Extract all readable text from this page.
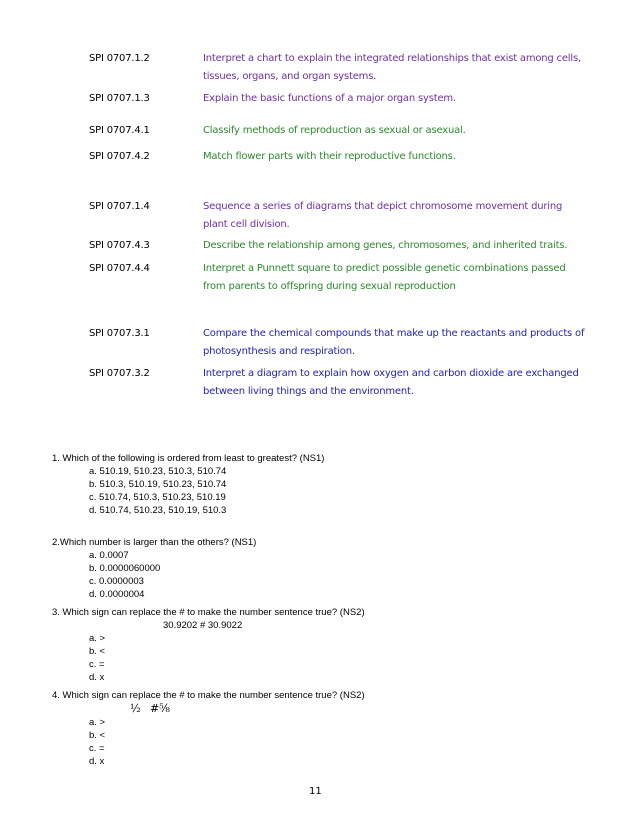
SPI 0707.1.2	Interpret a chart to explain the integrated relationships that exist among cells, tissues, organs, and organ systems.
SPI 0707.1.3	Explain the basic functions of a major organ system.
SPI 0707.4.1	Classify methods of reproduction as sexual or asexual.
SPI 0707.4.2	Match flower parts with their reproductive functions.
SPI 0707.1.4	Sequence a series of diagrams that depict chromosome movement during plant cell division.
SPI 0707.4.3	Describe the relationship among genes, chromosomes, and inherited traits.
SPI 0707.4.4	Interpret a Punnett square to predict possible genetic combinations passed from parents to offspring during sexual reproduction
SPI 0707.3.1	Compare the chemical compounds that make up the reactants and products of photosynthesis and respiration.
SPI 0707.3.2	Interpret a diagram to explain how oxygen and carbon dioxide are exchanged between living things and the environment.
1. Which of the following is ordered from least to greatest? (NS1)
a. 510.19, 510.23, 510.3, 510.74
b. 510.3, 510.19, 510.23, 510.74
c. 510.74, 510.3, 510.23, 510.19
d. 510.74, 510.23, 510.19, 510.3
2.Which number is larger than the others? (NS1)
a. 0.0007
b. 0.0000060000
c. 0.0000003
d. 0.0000004
3. Which sign can replace the # to make the number sentence true? (NS2)
30.9202 # 30.9022
a. >
b. <
c. =
d. x
4. Which sign can replace the # to make the number sentence true? (NS2)
½ #⅝
a. >
b. <
c. =
d. x
11
